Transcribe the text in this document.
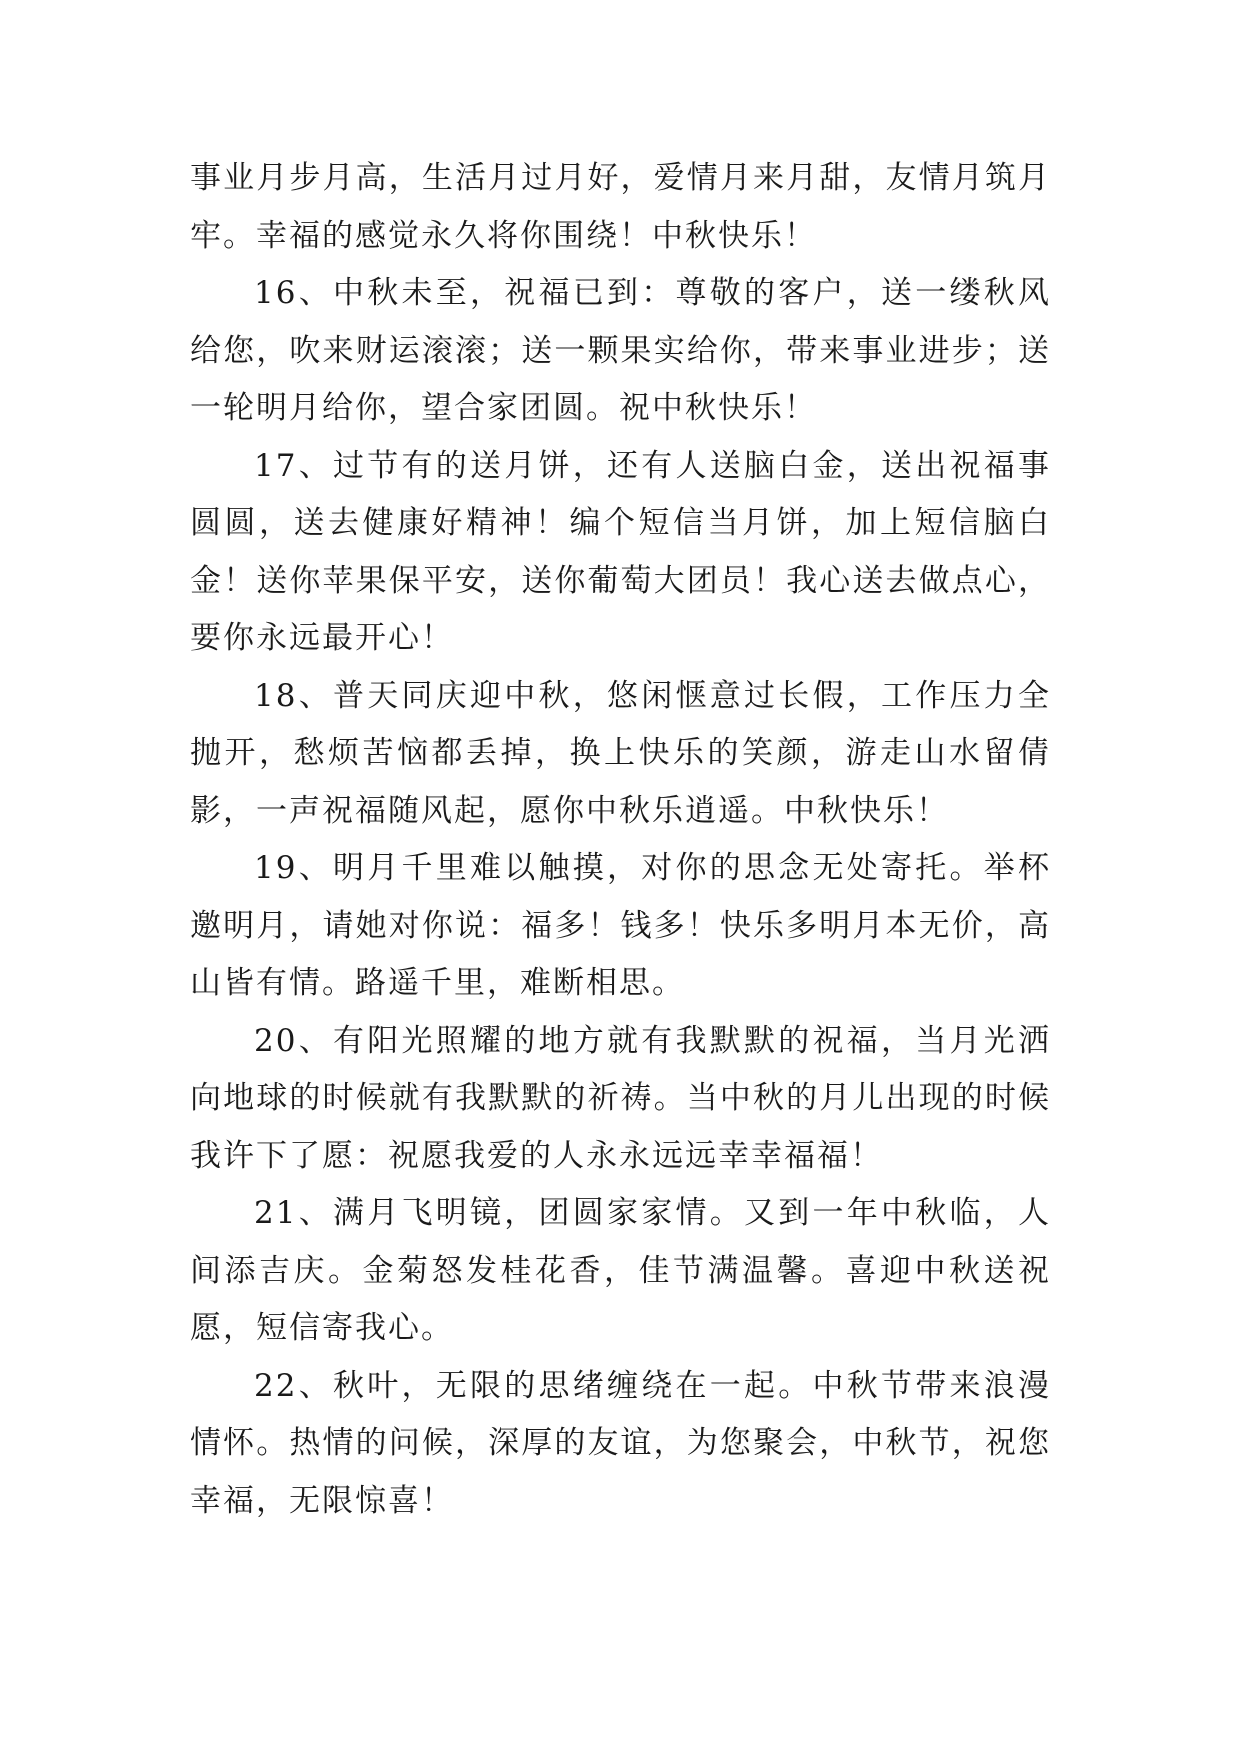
事业月步月高，生活月过月好，爱情月来月甜，友情月筑月牢。幸福的感觉永久将你围绕！中秋快乐！

16、中秋未至，祝福已到：尊敬的客户，送一缕秋风给您，吹来财运滚滚；送一颗果实给你，带来事业进步；送一轮明月给你，望合家团圆。祝中秋快乐！

17、过节有的送月饼，还有人送脑白金，送出祝福事圆圆，送去健康好精神！编个短信当月饼，加上短信脑白金！送你苹果保平安，送你葡萄大团员！我心送去做点心，要你永远最开心！

18、普天同庆迎中秋，悠闲惬意过长假，工作压力全抛开，愁烦苦恼都丢掉，换上快乐的笑颜，游走山水留倩影，一声祝福随风起，愿你中秋乐逍遥。中秋快乐！

19、明月千里难以触摸，对你的思念无处寄托。举杯邀明月，请她对你说：福多！钱多！快乐多明月本无价，高山皆有情。路遥千里，难断相思。

20、有阳光照耀的地方就有我默默的祝福，当月光洒向地球的时候就有我默默的祈祷。当中秋的月儿出现的时候我许下了愿：祝愿我爱的人永永远远幸幸福福！

21、满月飞明镜，团圆家家情。又到一年中秋临，人间添吉庆。金菊怒发桂花香，佳节满温馨。喜迎中秋送祝愿，短信寄我心。

22、秋叶，无限的思绪缠绕在一起。中秋节带来浪漫情怀。热情的问候，深厚的友谊，为您聚会，中秋节，祝您幸福，无限惊喜！
